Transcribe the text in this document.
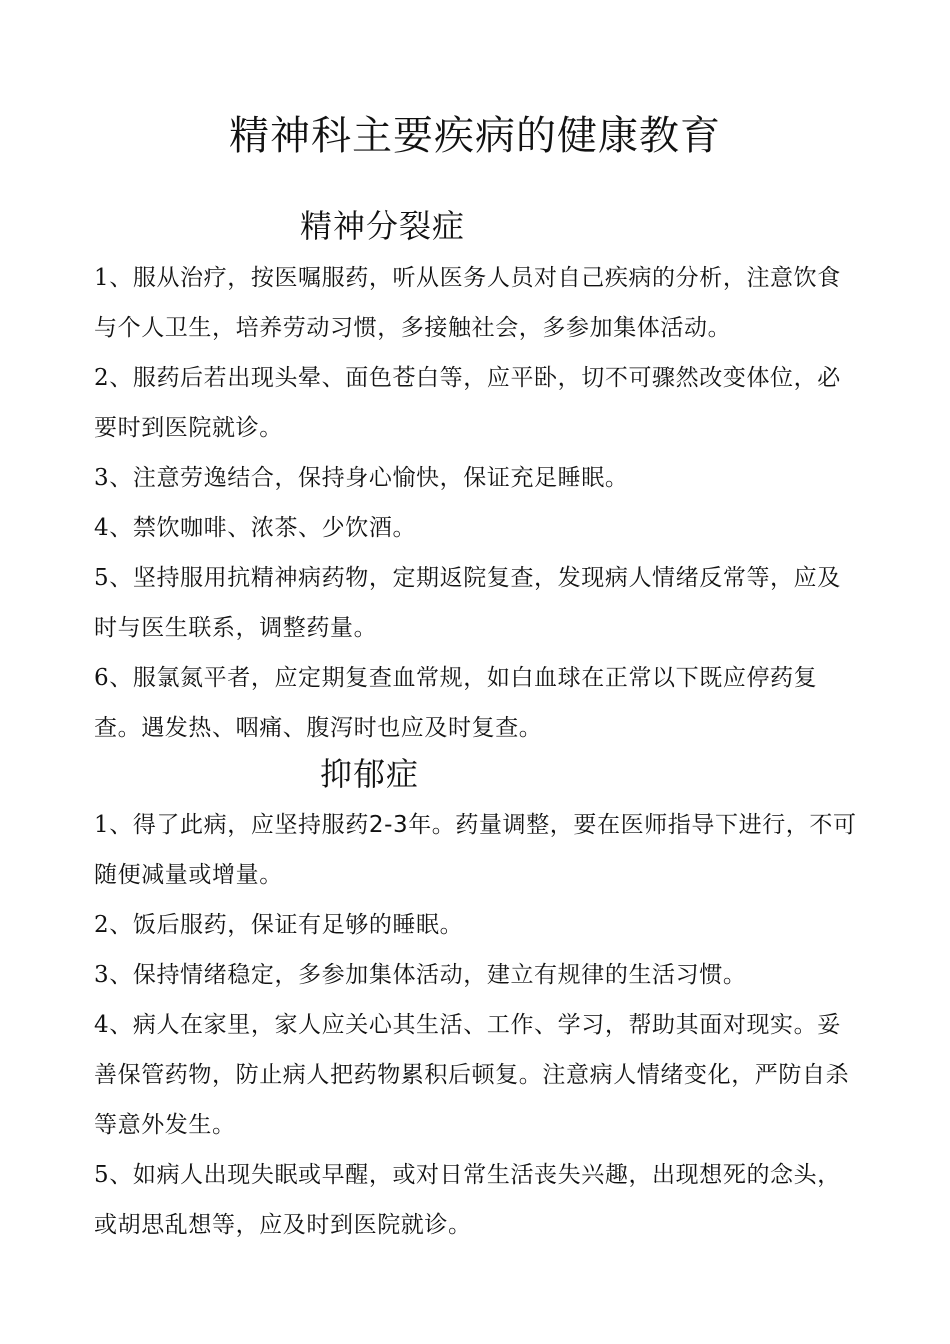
精神科主要疾病的健康教育
精神分裂症

1、服从治疗，按医嘱服药，听从医务人员对自己疾病的分析，注意饮食与个人卫生，培养劳动习惯，多接触社会，多参加集体活动。

2、服药后若出现头晕、面色苍白等，应平卧，切不可骤然改变体位，必要时到医院就诊。

3、注意劳逸结合，保持身心愉快，保证充足睡眠。

4、禁饮咖啡、浓茶、少饮酒。

5、坚持服用抗精神病药物，定期返院复查，发现病人情绪反常等，应及时与医生联系，调整药量。

6、服氯氮平者，应定期复查血常规，如白血球在正常以下既应停药复查。遇发热、咽痛、腹泻时也应及时复查。

抑郁症

1、得了此病，应坚持服药2-3年。药量调整，要在医师指导下进行，不可随便减量或增量。

2、饭后服药，保证有足够的睡眠。

3、保持情绪稳定，多参加集体活动，建立有规律的生活习惯。

4、病人在家里，家人应关心其生活、工作、学习，帮助其面对现实。妥善保管药物，防止病人把药物累积后顿复。注意病人情绪变化，严防自杀等意外发生。

5、如病人出现失眠或早醒，或对日常生活丧失兴趣，出现想死的念头，或胡思乱想等，应及时到医院就诊。
